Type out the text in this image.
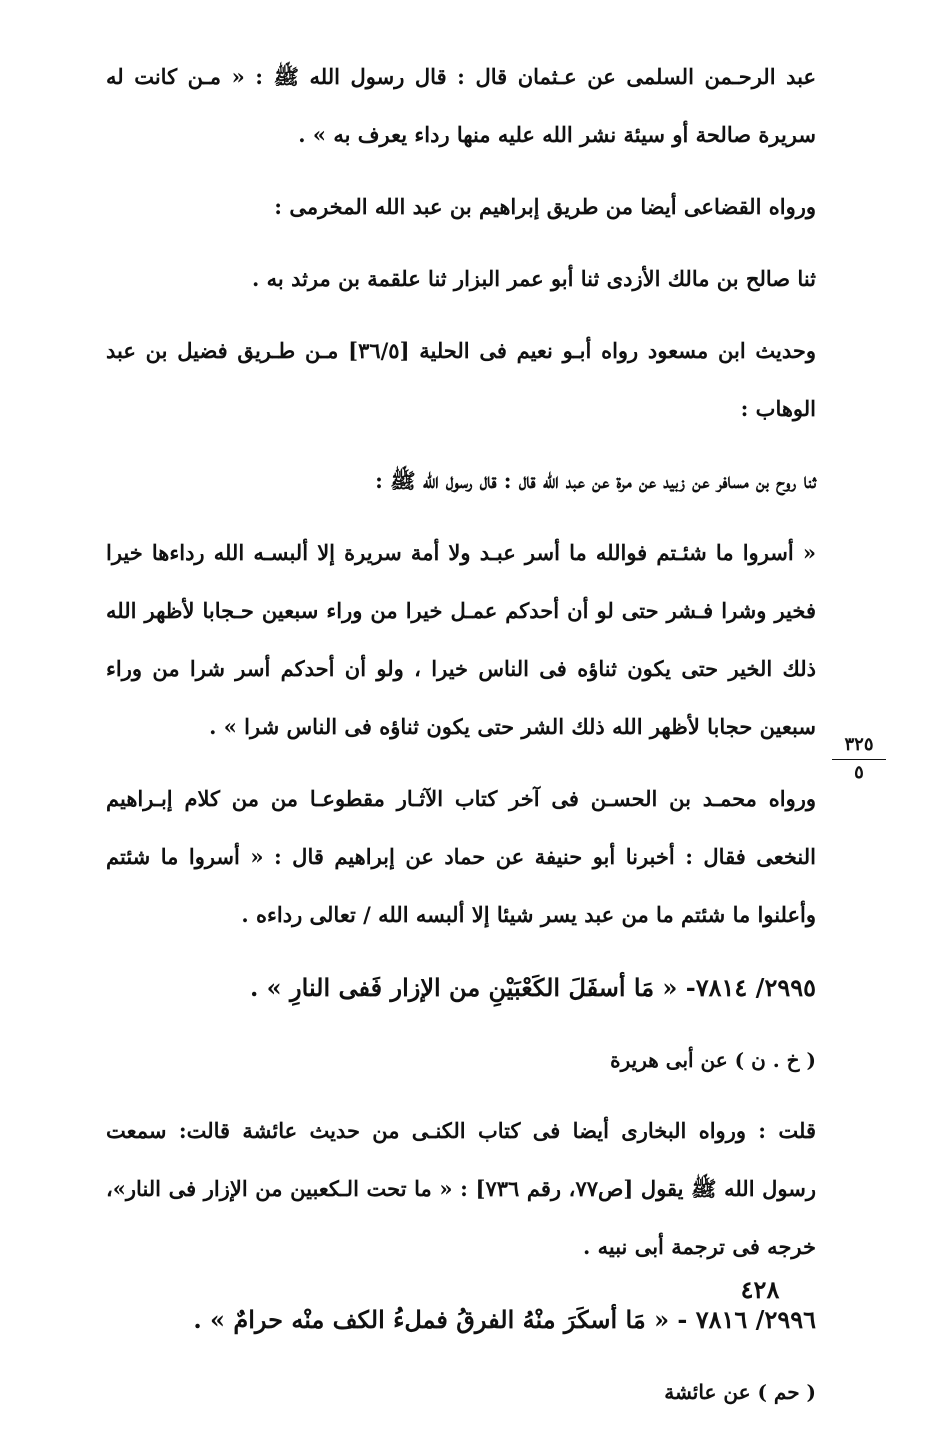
عبد الرحـمن السلمى عن عـثمان قال : قال رسول الله ﷺ : « مـن كانت له سريرة صالحة أو سيئة نشر الله عليه منها رداء يعرف به » .

ورواه القضاعى أيضا من طريق إبراهيم بن عبد الله المخرمى :

ثنا صالح بن مالك الأزدى ثنا أبو عمر البزار ثنا علقمة بن مرثد به .

وحديث ابن مسعود رواه أبـو نعيم فى الحلية [٣٦/٥] مـن طـريق فضيل بن عبد الوهاب :

ثنا روح بن مسافر عن زبيد عن مرة عن عبد الله قال : قال رسول الله ﷺ :

« أسروا ما شئـتم فوالله ما أسر عبـد ولا أمة سريرة إلا ألبسـه الله رداءها خيرا فخير وشرا فـشر حتى لو أن أحدكم عمـل خيرا من وراء سبعين حـجابا لأظهر الله ذلك الخير حتى يكون ثناؤه فى الناس خيرا ، ولو أن أحدكم أسر شرا من وراء سبعين حجابا لأظهر الله ذلك الشر حتى يكون ثناؤه فى الناس شرا » .

ورواه محمـد بن الحسـن فى آخر كتاب الآثـار مقطوعـا من من كلام إبـراهيم النخعى فقال : أخبرنا أبو حنيفة عن حماد عن إبراهيم قال : « أسروا ما شئتم وأعلنوا ما شئتم ما من عبد يسر شيئا إلا ألبسه الله / تعالى رداءه .

٢٩٩٥/ ٧٨١٤- « مَا أسفَلَ الكَعْبَيْنِ من الإزار فَفى النارِ » .

( خ . ن ) عن أبى هريرة

قلت : ورواه البخارى أيضا فى كتاب الكنـى من حديث عائشة قالت: سمعت رسول الله ﷺ يقول [ص٧٧، رقم ٧٣٦] : « ما تحت الـكعبين من الإزار فى النار»، خرجه فى ترجمة أبى نبيه .

٢٩٩٦/ ٧٨١٦ - « مَا أسكَرَ منْهُ الفرقُ فملءُ الكف منْه حرامٌ » .

( حم ) عن عائشة

٣٢٥
٥
٤٢٨
